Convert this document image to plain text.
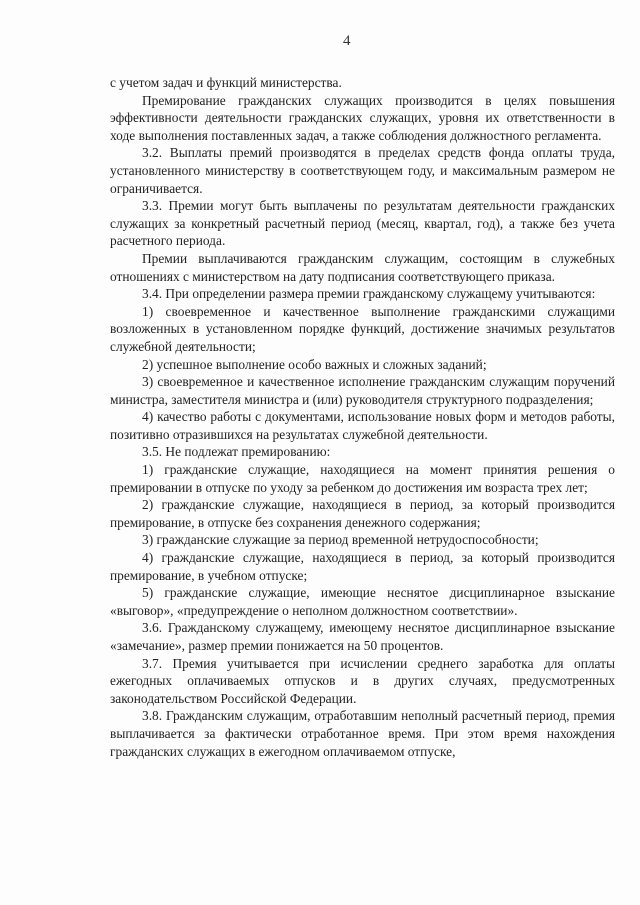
4

с учетом задач и функций министерства.

Премирование гражданских служащих производится в целях повышения эффективности деятельности гражданских служащих, уровня их ответственности в ходе выполнения поставленных задач, а также соблюдения должностного регламента.

3.2. Выплаты премий производятся в пределах средств фонда оплаты труда, установленного министерству в соответствующем году, и максимальным размером не ограничивается.

3.3. Премии могут быть выплачены по результатам деятельности гражданских служащих за конкретный расчетный период (месяц, квартал, год), а также без учета расчетного периода.

Премии выплачиваются гражданским служащим, состоящим в служебных отношениях с министерством на дату подписания соответствующего приказа.

3.4. При определении размера премии гражданскому служащему учитываются:

1) своевременное и качественное выполнение гражданскими служащими возложенных в установленном порядке функций, достижение значимых результатов служебной деятельности;

2) успешное выполнение особо важных и сложных заданий;

3) своевременное и качественное исполнение гражданским служащим поручений министра, заместителя министра и (или) руководителя структурного подразделения;

4) качество работы с документами, использование новых форм и методов работы, позитивно отразившихся на результатах служебной деятельности.

3.5. Не подлежат премированию:

1) гражданские служащие, находящиеся на момент принятия решения о премировании в отпуске по уходу за ребенком до достижения им возраста трех лет;

2) гражданские служащие, находящиеся в период, за который производится премирование, в отпуске без сохранения денежного содержания;

3) гражданские служащие за период временной нетрудоспособности;

4) гражданские служащие, находящиеся в период, за который производится премирование, в учебном отпуске;

5) гражданские служащие, имеющие неснятое дисциплинарное взыскание «выговор», «предупреждение о неполном должностном соответствии».

3.6. Гражданскому служащему, имеющему неснятое дисциплинарное взыскание «замечание», размер премии понижается на 50 процентов.

3.7. Премия учитывается при исчислении среднего заработка для оплаты ежегодных оплачиваемых отпусков и в других случаях, предусмотренных законодательством Российской Федерации.

3.8. Гражданским служащим, отработавшим неполный расчетный период, премия выплачивается за фактически отработанное время. При этом время нахождения гражданских служащих в ежегодном оплачиваемом отпуске,
